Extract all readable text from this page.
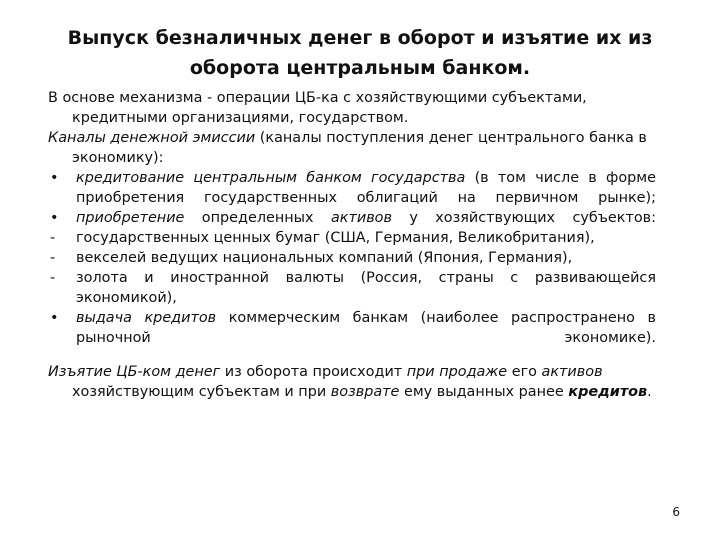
Выпуск безналичных денег в оборот и изъятие их из
оборота центральным банком.

В основе механизма - операции ЦБ-ка с хозяйствующими субъектами, кредитными организациями, государством.

Каналы денежной эмиссии (каналы поступления денег центрального банка в экономику):

• кредитование центральным банком государства (в том числе в форме приобретения государственных облигаций на первичном рынке);
• приобретение определенных активов у хозяйствующих субъектов:
- государственных ценных бумаг (США, Германия, Великобритания),
- векселей ведущих национальных компаний (Япония, Германия),
- золота и иностранной валюты (Россия, страны с развивающейся экономикой),
• выдача кредитов коммерческим банкам (наиболее распространено в рыночной экономике).

Изъятие ЦБ-ком денег из оборота происходит при продаже его активов хозяйствующим субъектам и при возврате ему выданных ранее кредитов.

6
